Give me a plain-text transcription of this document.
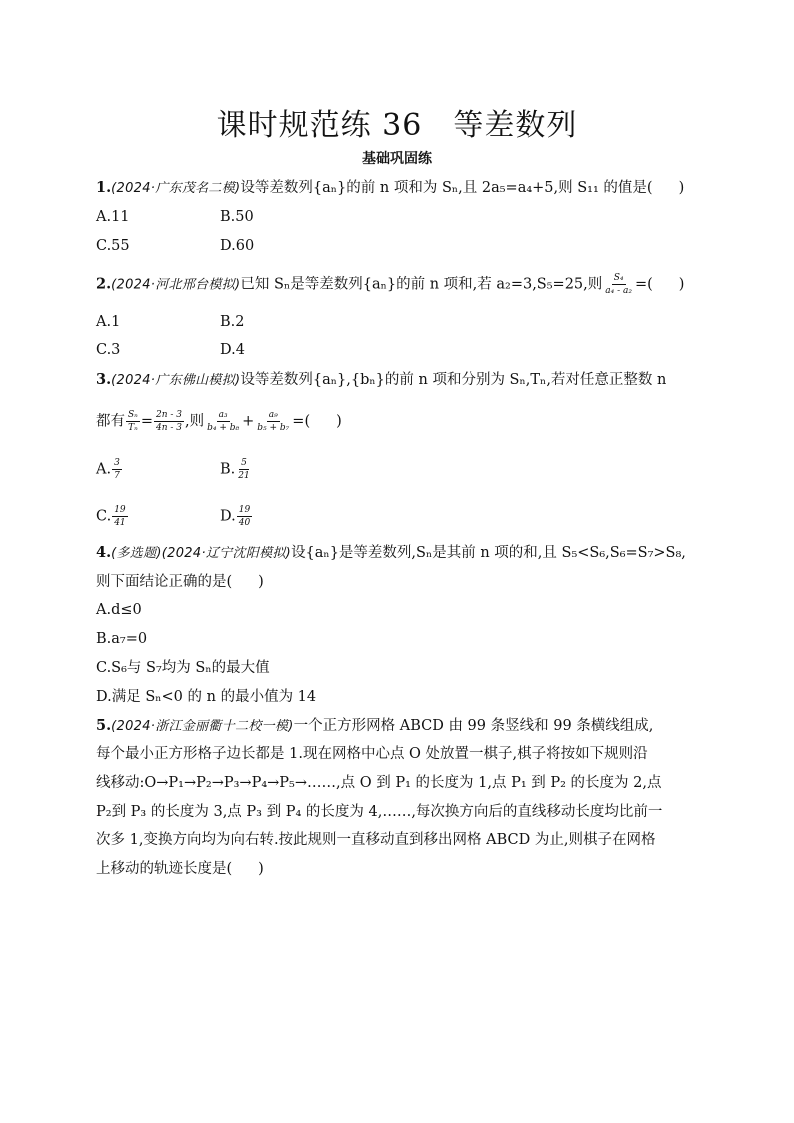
课时规范练 36　等差数列
基础巩固练
1.(2024·广东茂名二模)设等差数列{aₙ}的前 n 项和为 Sₙ,且 2a₅=a₄+5,则 S₁₁ 的值是( )
A.11	B.50
C.55	D.60
2.(2024·河北邢台模拟)已知 Sₙ是等差数列{aₙ}的前 n 项和,若 a₂=3,S₅=25,则 $\frac{\text{S₄}}{\text{a₄ - a₂}}$ =( )
A.1	B.2
C.3	D.4
3.(2024·广东佛山模拟)设等差数列{aₙ},{bₙ}的前 n 项和分别为 Sₙ,Tₙ,若对任意正整数 n
都有 $\frac{\text{Sₙ}}{\text{Tₙ}} = \frac{2n - 3}{4n - 3}$ ,则 $\frac{\text{a₃}}{\text{b₄ + b₈}} + \frac{\text{a₉}}{\text{b₅ + b₇}}$ =( )
A. $\frac{3}{7}$	B. $\frac{5}{21}$
C. $\frac{19}{41}$	D. $\frac{19}{40}$
4.(多选题)(2024·辽宁沈阳模拟)设{aₙ}是等差数列,Sₙ是其前 n 项的和,且 S₅<S₆,S₆=S₇>S₈,
则下面结论正确的是( )
A.d≤0
B.a₇=0
C.S₆与 S₇均为 Sₙ的最大值
D.满足 Sₙ<0 的 n 的最小值为 14
5.(2024·浙江金丽衢十二校一模)一个正方形网格 ABCD 由 99 条竖线和 99 条横线组成,
每个最小正方形格子边长都是 1.现在网格中心点 O 处放置一棋子,棋子将按如下规则沿
线移动:O→P₁→P₂→P₃→P₄→P₅→……,点 O 到 P₁ 的长度为 1,点 P₁ 到 P₂ 的长度为 2,点
P₂到 P₃ 的长度为 3,点 P₃ 到 P₄ 的长度为 4,……,每次换方向后的直线移动长度均比前一
次多 1,变换方向均为向右转.按此规则一直移动直到移出网格 ABCD 为止,则棋子在网格
上移动的轨迹长度是( )
